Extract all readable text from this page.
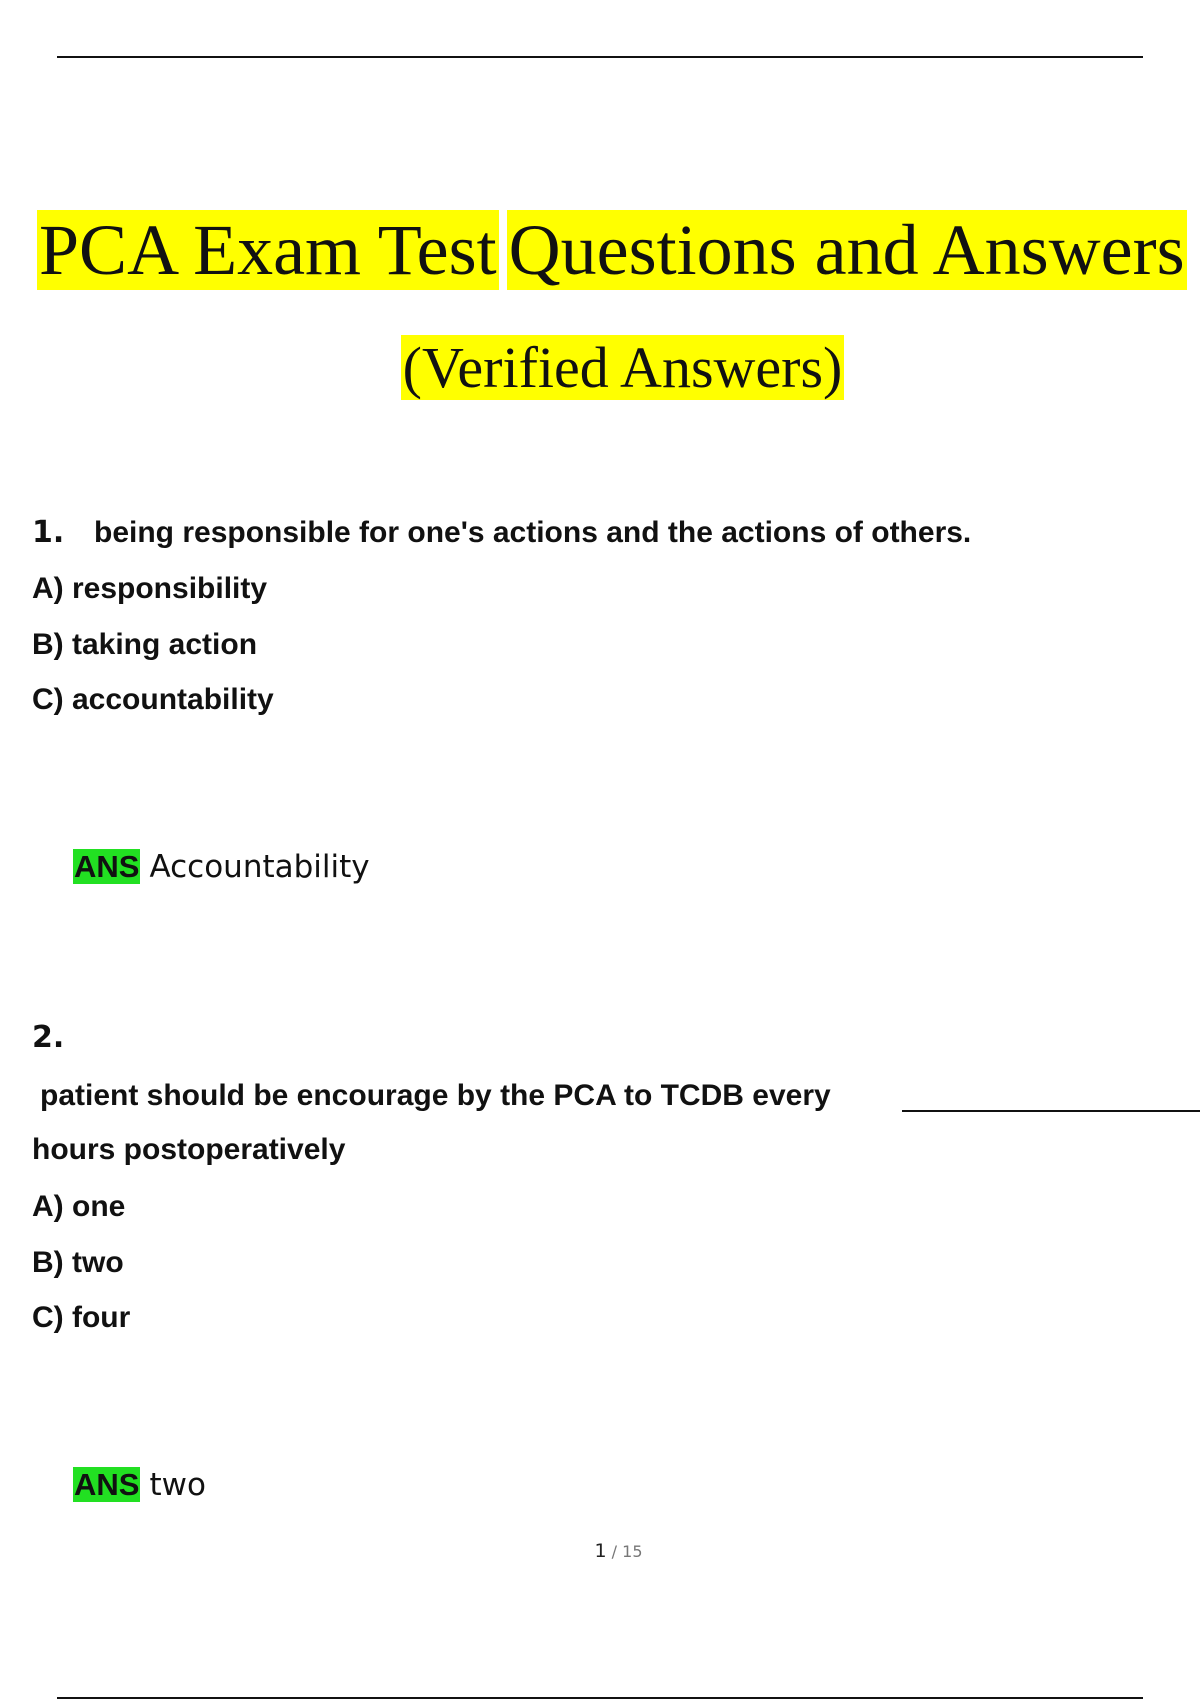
PCA Exam Test Questions and Answers
(Verified Answers)
1. being responsible for one's actions and the actions of others.
A) responsibility
B) taking action
C) accountability
ANS Accountability
2.
patient should be encourage by the PCA to TCDB every
hours postoperatively
A) one
B) two
C) four
ANS two
1 / 15
